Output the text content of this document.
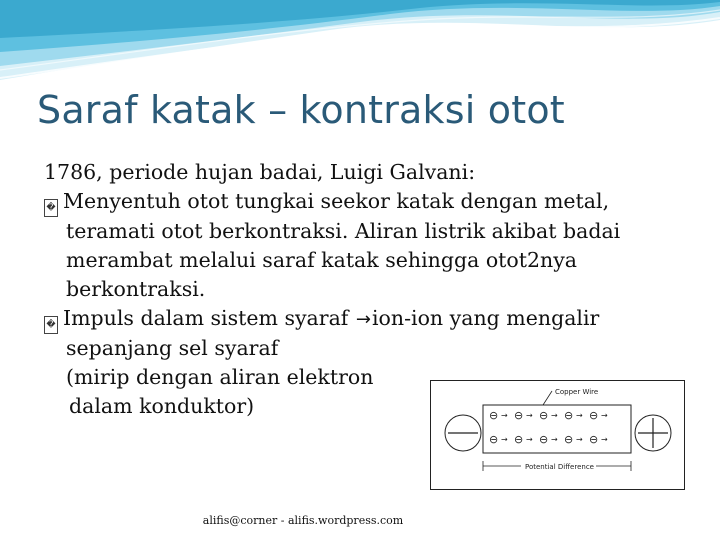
Saraf katak – kontraksi otot
1786, periode hujan badai, Luigi Galvani:
� Menyentuh otot tungkai seekor katak dengan metal,
teramati otot berkontraksi. Aliran listrik akibat badai
merambat melalui saraf katak sehingga otot2nya
berkontraksi.
� Impuls dalam sistem syaraf →ion-ion yang mengalir
sepanjang sel syaraf
(mirip dengan aliran elektron
dalam konduktor)
Copper Wire
⊖ → ⊖ → ⊖ → ⊖ → ⊖ →
⊖ → ⊖ → ⊖ → ⊖ → ⊖ →
Potential Difference
alifis@corner - alifis.wordpress.com
